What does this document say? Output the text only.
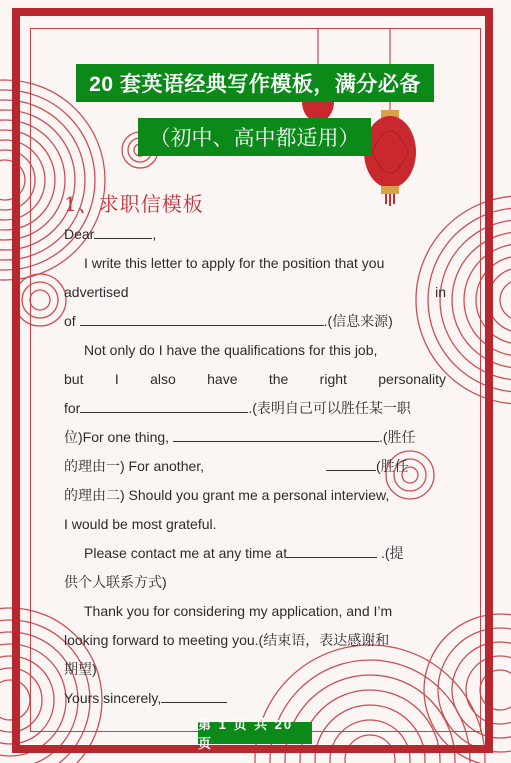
20 套英语经典写作模板，满分必备
（初中、高中都适用）
1、求职信模板

Dear	,

I write this letter to apply for the position that you

advertised	in

of	.(信息来源)

Not only do I have the qualifications for this job,

but I also have the right personality

for	.(表明自己可以胜任某一职

位)For one thing,	.(胜任

的理由一) For another,	(胜任

的理由二) Should you grant me a personal interview,

I would be most grateful.

Please contact me at any time at	.(提

供个人联系方式)

Thank you for considering my application, and I’m

looking forward to meeting you.(结束语，表达感谢和

期望)

Yours sincerely,

第 1 页 共 20 页
